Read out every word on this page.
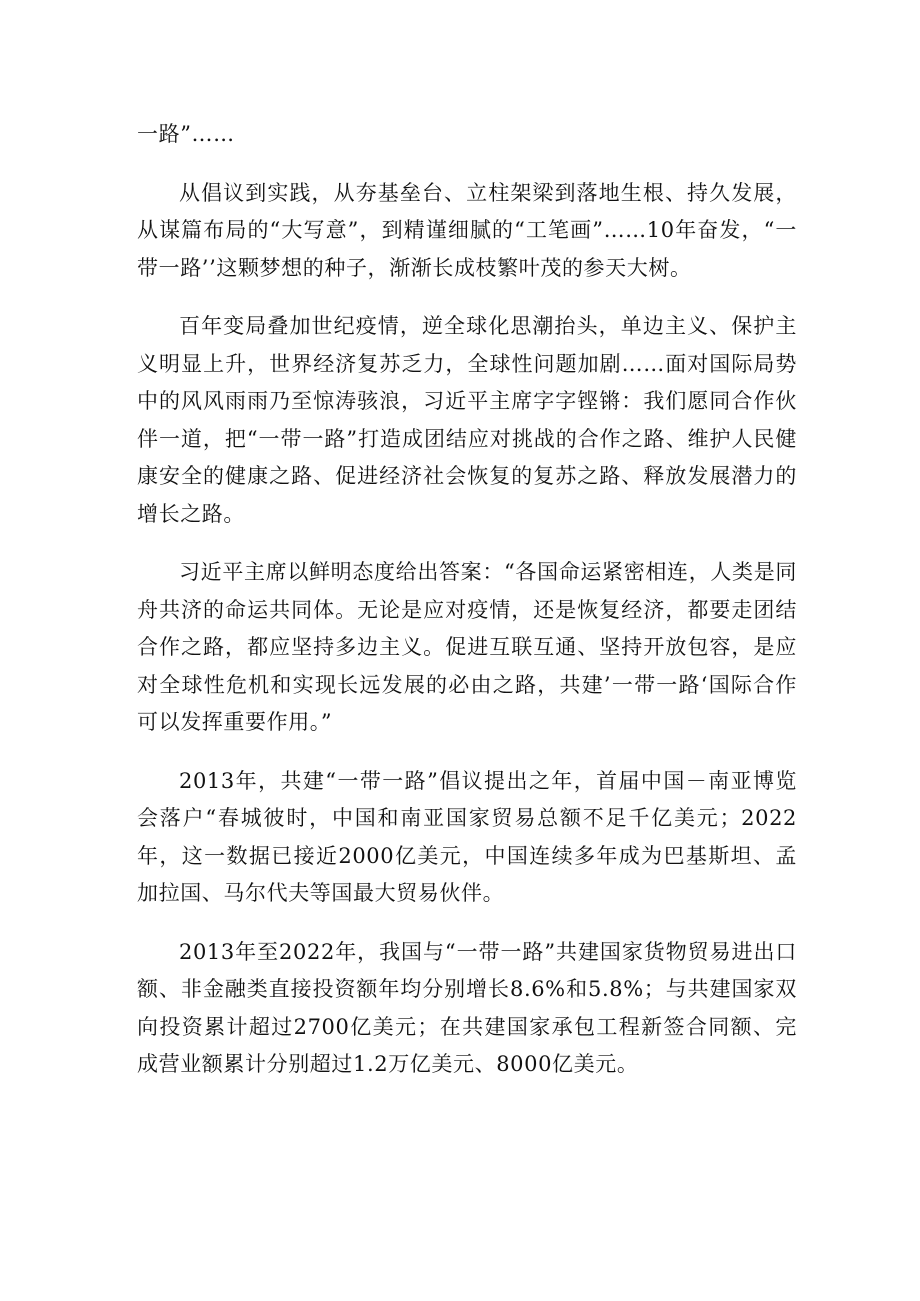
一路”……

从倡议到实践，从夯基垒台、立柱架梁到落地生根、持久发展，从谋篇布局的“大写意”，到精谨细腻的“工笔画”……10年奋发，“一带一路’’这颗梦想的种子，渐渐长成枝繁叶茂的参天大树。

百年变局叠加世纪疫情，逆全球化思潮抬头，单边主义、保护主义明显上升，世界经济复苏乏力，全球性问题加剧……面对国际局势中的风风雨雨乃至惊涛骇浪，习近平主席字字铿锵：我们愿同合作伙伴一道，把“一带一路”打造成团结应对挑战的合作之路、维护人民健康安全的健康之路、促进经济社会恢复的复苏之路、释放发展潜力的增长之路。

习近平主席以鲜明态度给出答案：“各国命运紧密相连，人类是同舟共济的命运共同体。无论是应对疫情，还是恢复经济，都要走团结合作之路，都应坚持多边主义。促进互联互通、坚持开放包容，是应对全球性危机和实现长远发展的必由之路，共建’一带一路‘国际合作可以发挥重要作用。”

2013年，共建“一带一路”倡议提出之年，首届中国－南亚博览会落户“春城彼时，中国和南亚国家贸易总额不足千亿美元；2022年，这一数据已接近2000亿美元，中国连续多年成为巴基斯坦、孟加拉国、马尔代夫等国最大贸易伙伴。

2013年至2022年，我国与“一带一路”共建国家货物贸易进出口额、非金融类直接投资额年均分别增长8.6%和5.8%；与共建国家双向投资累计超过2700亿美元；在共建国家承包工程新签合同额、完成营业额累计分别超过1.2万亿美元、8000亿美元。
